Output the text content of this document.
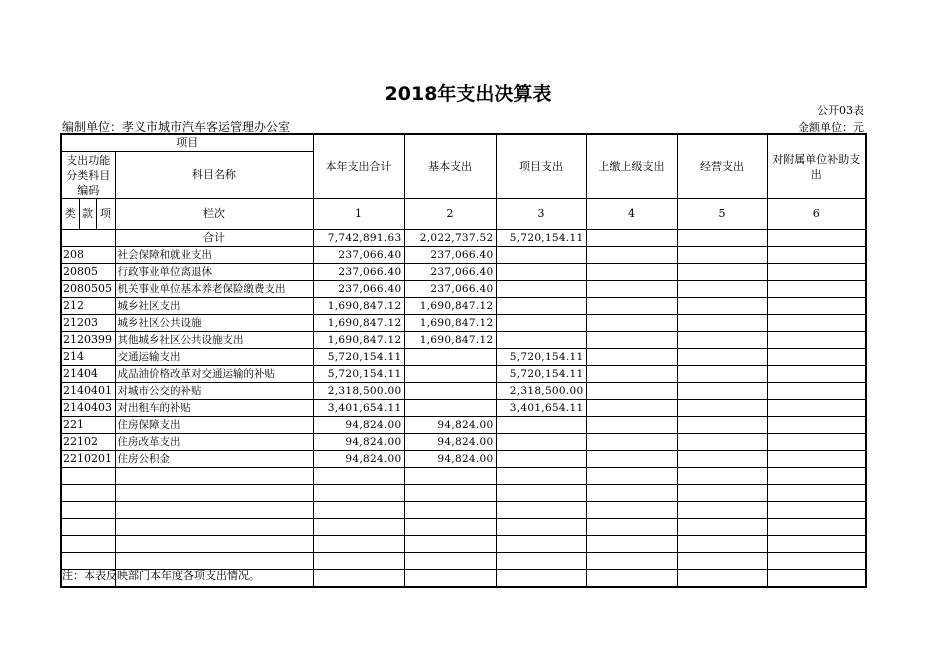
2018年支出决算表
公开03表
编制单位：孝义市城市汽车客运管理办公室	金额单位：元
项目				本年支出合计	基本支出	项目支出	上缴上级支出	经营支出	对附属单位补助支出
支出功能分类科目编码			科目名称						
类	款	项							
			栏次	1	2	3	4	5	6
			合计	7,742,891.63	2,022,737.52	5,720,154.11			
208			社会保障和就业支出	237,066.40	237,066.40				
20805			行政事业单位离退休	237,066.40	237,066.40				
2080505			机关事业单位基本养老保险缴费支出	237,066.40	237,066.40				
212			城乡社区支出	1,690,847.12	1,690,847.12				
21203			城乡社区公共设施	1,690,847.12	1,690,847.12				
2120399			其他城乡社区公共设施支出	1,690,847.12	1,690,847.12				
214			交通运输支出	5,720,154.11		5,720,154.11			
21404			成品油价格改革对交通运输的补贴	5,720,154.11		5,720,154.11			
2140401			对城市公交的补贴	2,318,500.00		2,318,500.00			
2140403			对出租车的补贴	3,401,654.11		3,401,654.11			
221			住房保障支出	94,824.00	94,824.00				
22102			住房改革支出	94,824.00	94,824.00				
2210201			住房公积金	94,824.00	94,824.00				

注：本表反映部门本年度各项支出情况。
